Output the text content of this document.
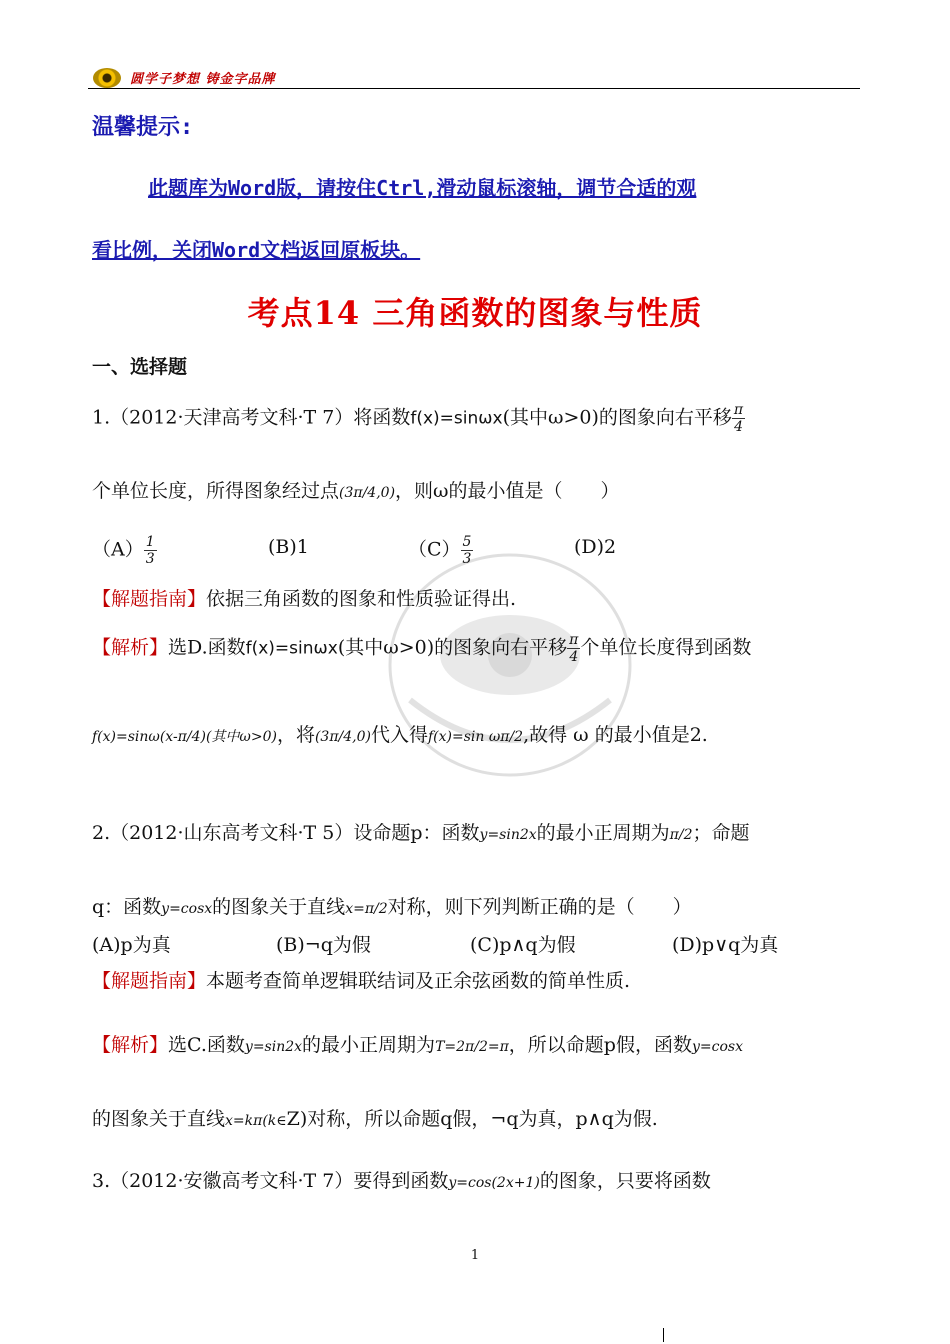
圆学子梦想 铸金字品牌
温馨提示:
此题库为Word版，请按住Ctrl,滑动鼠标滚轴，调节合适的观
看比例，关闭Word文档返回原板块。
考点14 三角函数的图象与性质
一、选择题
1.（2012·天津高考文科·T 7）将函数f(x)=sinωx(其中ω>0)的图象向右平移 $\frac{\pi}{4}$
个单位长度，所得图象经过点(3π/4,0)，则ω的最小值是（　　）
$(A) \frac{1}{3}$	(B)1	$(C) \frac{5}{3}$	(D)2
【解题指南】依据三角函数的图象和性质验证得出.
【解析】选D.函数f(x)=sinωx(其中ω>0)的图象向右平移 $\frac{\pi}{4}$ 个单位长度得到函数
f(x)=sinω(x-π/4)(其中ω>0)，将(3π/4,0)代入得f(x)=sin ωπ/2,故得 ω 的最小值是2.
2.（2012·山东高考文科·T 5）设命题p：函数y=sin2x的最小正周期为π/2；命题
q：函数y=cosx的图象关于直线x=π/2对称，则下列判断正确的是（　　）
(A)p为真	(B)¬q为假	(C)p∧q为假	(D)p∨q为真
【解题指南】本题考查简单逻辑联结词及正余弦函数的简单性质.
【解析】选C.函数y=sin2x的最小正周期为T=2π/2=π，所以命题p假，函数y=cosx
的图象关于直线x=kπ(k∈Z)对称，所以命题q假，¬q为真，p∧q为假.
3.（2012·安徽高考文科·T 7）要得到函数y=cos(2x+1)的图象，只要将函数
1
